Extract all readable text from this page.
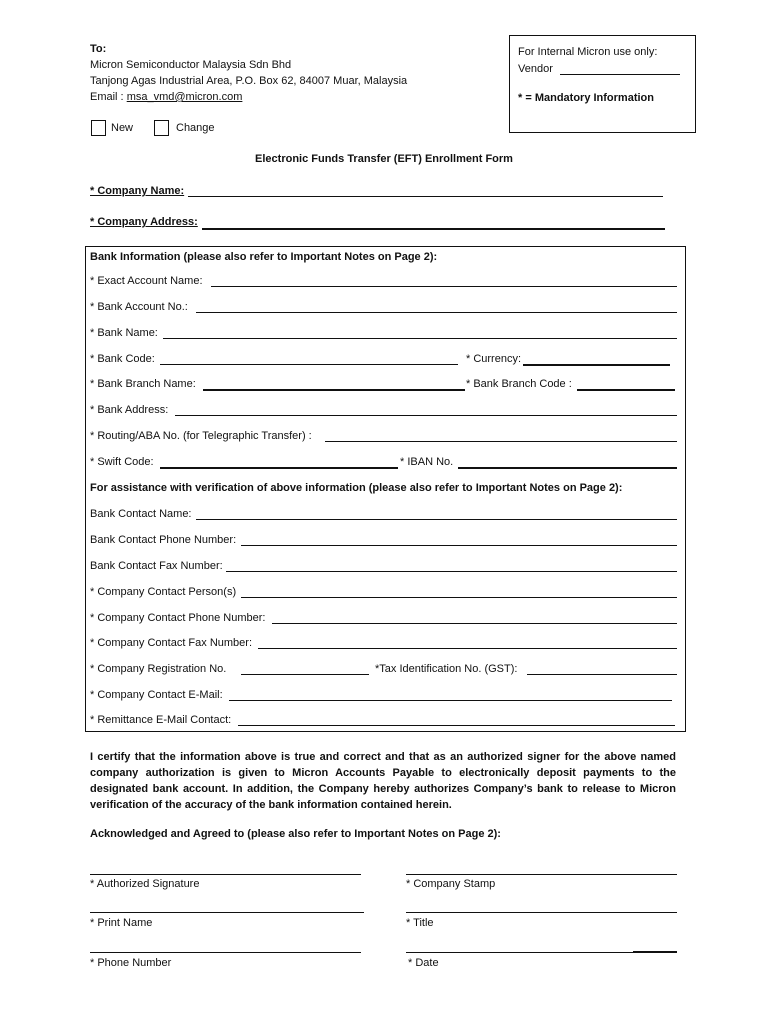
To:
Micron Semiconductor Malaysia Sdn Bhd
Tanjong Agas Industrial Area, P.O. Box 62, 84007 Muar, Malaysia
Email : msa_vmd@micron.com
For Internal Micron use only:
Vendor
* = Mandatory Information
New	Change
Electronic Funds Transfer (EFT) Enrollment Form
* Company Name:
* Company Address:
Bank Information (please also refer to Important Notes on Page 2):
* Exact Account Name:
* Bank Account No.:
* Bank Name:
* Bank Code:	* Currency:
* Bank Branch Name:	* Bank Branch Code :
* Bank Address:
* Routing/ABA No. (for Telegraphic Transfer) :
* Swift Code:	* IBAN No.
For assistance with verification of above information (please also refer to Important Notes on Page 2):
Bank Contact Name:
Bank Contact Phone Number:
Bank Contact Fax Number:
* Company Contact Person(s)
* Company Contact Phone Number:
* Company Contact Fax Number:
* Company Registration No.	*Tax Identification No. (GST):
* Company Contact E-Mail:
* Remittance E-Mail Contact:
I certify that the information above is true and correct and that as an authorized signer for the above named company authorization is given to Micron Accounts Payable to electronically deposit payments to the designated bank account. In addition, the Company hereby authorizes Company’s bank to release to Micron verification of the accuracy of the bank information contained herein.
Acknowledged and Agreed to (please also refer to Important Notes on Page 2):
* Authorized Signature	* Company Stamp
* Print Name	* Title
* Phone Number	* Date
